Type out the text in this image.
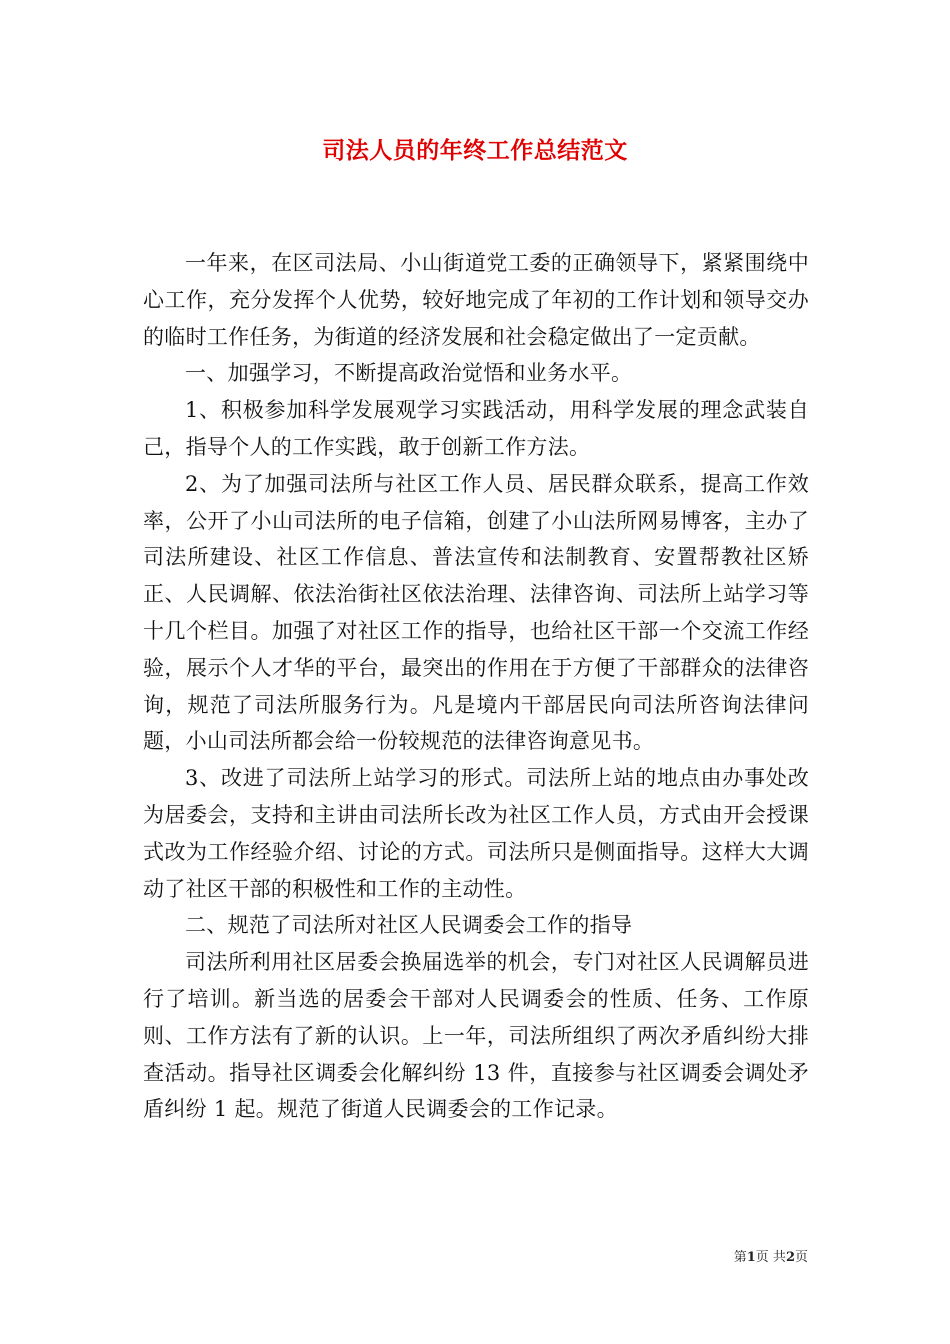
司法人员的年终工作总结范文

一年来，在区司法局、小山街道党工委的正确领导下，紧紧围绕中心工作，充分发挥个人优势，较好地完成了年初的工作计划和领导交办的临时工作任务，为街道的经济发展和社会稳定做出了一定贡献。

一、加强学习，不断提高政治觉悟和业务水平。

1、积极参加科学发展观学习实践活动，用科学发展的理念武装自己，指导个人的工作实践，敢于创新工作方法。

2、为了加强司法所与社区工作人员、居民群众联系，提高工作效率，公开了小山司法所的电子信箱，创建了小山法所网易博客，主办了司法所建设、社区工作信息、普法宣传和法制教育、安置帮教社区矫正、人民调解、依法治街社区依法治理、法律咨询、司法所上站学习等十几个栏目。加强了对社区工作的指导，也给社区干部一个交流工作经验，展示个人才华的平台，最突出的作用在于方便了干部群众的法律咨询，规范了司法所服务行为。凡是境内干部居民向司法所咨询法律问题，小山司法所都会给一份较规范的法律咨询意见书。

3、改进了司法所上站学习的形式。司法所上站的地点由办事处改为居委会，支持和主讲由司法所长改为社区工作人员，方式由开会授课式改为工作经验介绍、讨论的方式。司法所只是侧面指导。这样大大调动了社区干部的积极性和工作的主动性。

二、规范了司法所对社区人民调委会工作的指导

司法所利用社区居委会换届选举的机会，专门对社区人民调解员进行了培训。新当选的居委会干部对人民调委会的性质、任务、工作原则、工作方法有了新的认识。上一年，司法所组织了两次矛盾纠纷大排查活动。指导社区调委会化解纠纷 13 件，直接参与社区调委会调处矛盾纠纷 1 起。规范了街道人民调委会的工作记录。

第1页 共2页
